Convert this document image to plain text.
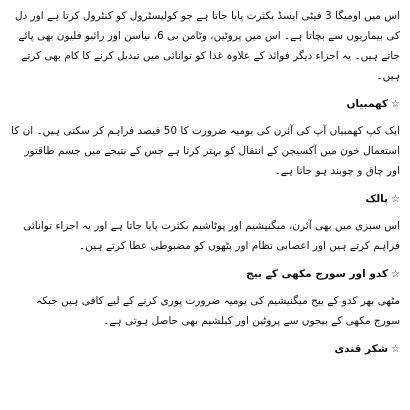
اس میں اومیگا 3 فیٹی ایسڈ بکثرت پایا جاتا ہے جو کولیسٹرول کو کنٹرول کرتا ہے اور دل کی بیماریوں سے بچاتا ہے۔ اس میں پروٹین، وٹامن بی 6، نیاسن اور رائبو فلیون بھی پائے جاتے ہیں۔ یہ اجزاء دیگر فوائد کے علاوہ غذا کو توانائی میں تبدیل کرنے کا کام بھی کرتے ہیں۔

☆کھمبیاں

ایک کپ کھمبیاں آپ کی آئرن کی یومیہ ضرورت کا 50 فیصد فراہم کر سکتی ہیں۔ ان کا استعمال خون میں آکسیجن کے انتقال کو بہتر کرتا ہے جس کے نتیجے میں جسم طاقتور اور چاق و چوبند ہو جاتا ہے۔

☆پالک

اس سبزی میں بھی آئرن، میگنیشیم اور پوٹاشیم بکثرت پایا جاتا ہے اور یہ اجزاء توانائی فراہم کرتے ہیں اور اعصابی نظام اور پٹھوں کو مضبوطی عطا کرتے ہیں۔

☆کدو اور سورج مکھی کے بیج

مٹھی بھر کدو کے بیج میگنیشیم کی یومیہ ضرورت پوری کرنے کے لیے کافی ہیں جبکہ سورج مکھی کے بیجوں سے پروٹین اور کیلشیم بھی حاصل ہوتی ہے۔

☆شکر قندی
